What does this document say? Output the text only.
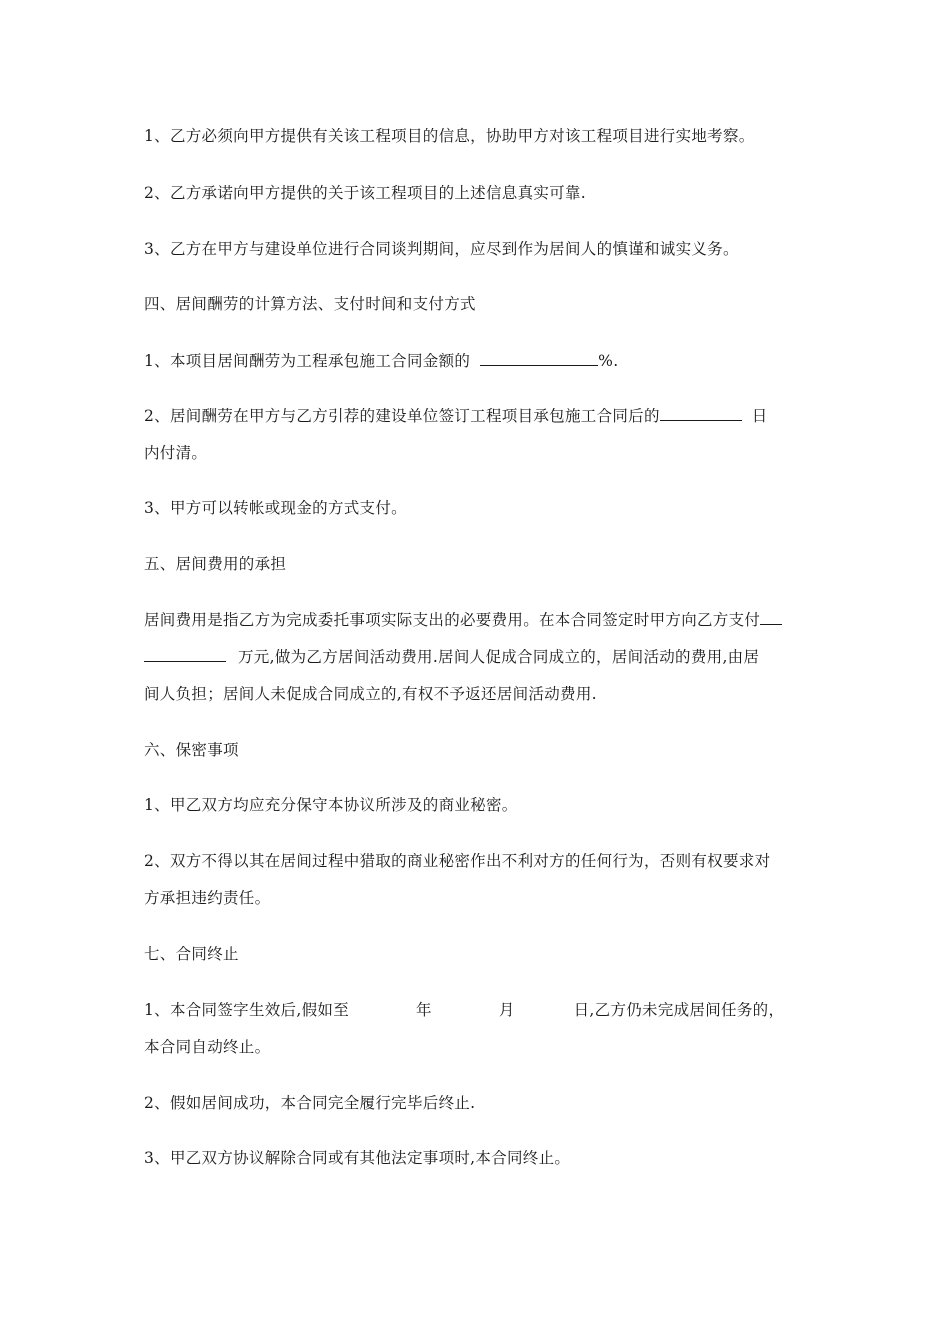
1、乙方必须向甲方提供有关该工程项目的信息，协助甲方对该工程项目进行实地考察。
2、乙方承诺向甲方提供的关于该工程项目的上述信息真实可靠.
3、乙方在甲方与建设单位进行合同谈判期间，应尽到作为居间人的慎谨和诚实义务。
四、居间酬劳的计算方法、支付时间和支付方式
1、本项目居间酬劳为工程承包施工合同金额的	%.
2、居间酬劳在甲方与乙方引荐的建设单位签订工程项目承包施工合同后的	日
内付清。
3、甲方可以转帐或现金的方式支付。
五、居间费用的承担
居间费用是指乙方为完成委托事项实际支出的必要费用。在本合同签定时甲方向乙方支付
万元,做为乙方居间活动费用.居间人促成合同成立的，居间活动的费用,由居
间人负担；居间人未促成合同成立的,有权不予返还居间活动费用.
六、保密事项
1、甲乙双方均应充分保守本协议所涉及的商业秘密。
2、双方不得以其在居间过程中猎取的商业秘密作出不利对方的任何行为，否则有权要求对
方承担违约责任。
七、合同终止
1、本合同签字生效后,假如至	年	月	日,乙方仍未完成居间任务的，
本合同自动终止。
2、假如居间成功，本合同完全履行完毕后终止.
3、甲乙双方协议解除合同或有其他法定事项时,本合同终止。
